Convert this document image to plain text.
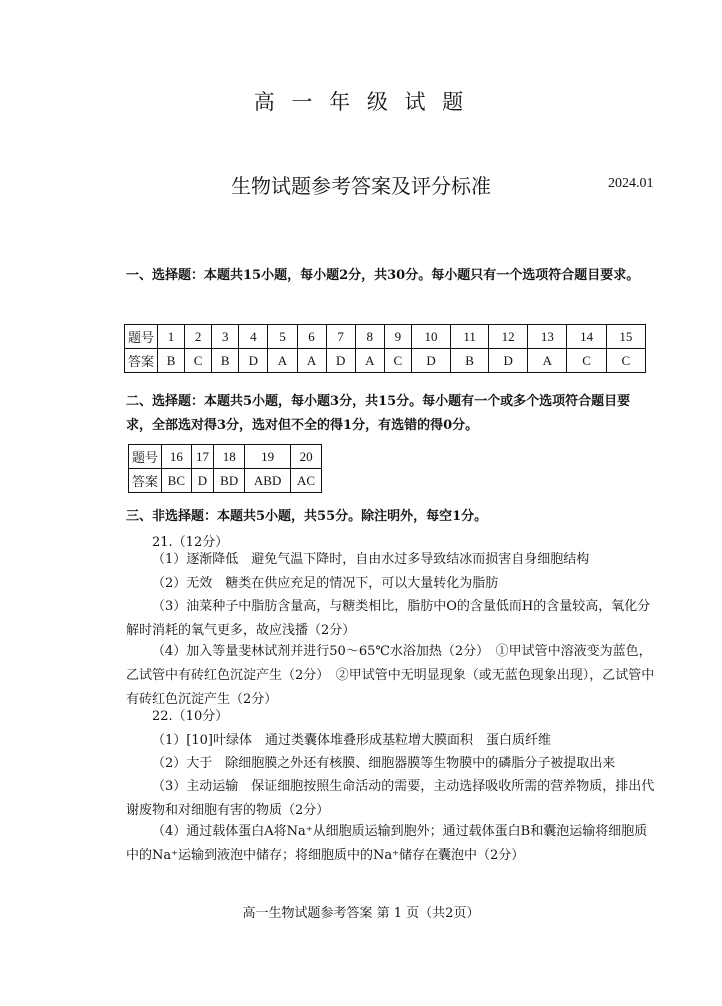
高 一 年 级 试 题
生物试题参考答案及评分标准	2024.01
一、选择题：本题共15小题，每小题2分，共30分。每小题只有一个选项符合题目要求。
题号	1	2	3	4	5	6	7	8	9	10	11	12	13	14	15
答案	B	C	B	D	A	A	D	A	C	D	B	D	A	C	C
二、选择题：本题共5小题，每小题3分，共15分。每小题有一个或多个选项符合题目要求，全部选对得3分，选对但不全的得1分，有选错的得0分。
题号	16	17	18	19	20
答案	BC	D	BD	ABD	AC
三、非选择题：本题共5小题，共55分。除注明外，每空1分。
21.（12分）
（1）逐渐降低　避免气温下降时，自由水过多导致结冰而损害自身细胞结构
（2）无效　糖类在供应充足的情况下，可以大量转化为脂肪
（3）油菜种子中脂肪含量高，与糖类相比，脂肪中O的含量低而H的含量较高，氧化分解时消耗的氧气更多，故应浅播（2分）
（4）加入等量斐林试剂并进行50～65℃水浴加热（2分）　①甲试管中溶液变为蓝色，乙试管中有砖红色沉淀产生（2分）　②甲试管中无明显现象（或无蓝色现象出现），乙试管中有砖红色沉淀产生（2分）
22.（10分）
（1）[10]叶绿体　通过类囊体堆叠形成基粒增大膜面积　蛋白质纤维
（2）大于　除细胞膜之外还有核膜、细胞器膜等生物膜中的磷脂分子被提取出来
（3）主动运输　保证细胞按照生命活动的需要，主动选择吸收所需的营养物质，排出代谢废物和对细胞有害的物质（2分）
（4）通过载体蛋白A将Na⁺从细胞质运输到胞外；通过载体蛋白B和囊泡运输将细胞质中的Na⁺运输到液泡中储存；将细胞质中的Na⁺储存在囊泡中（2分）
高一生物试题参考答案 第 1 页（共2页）
